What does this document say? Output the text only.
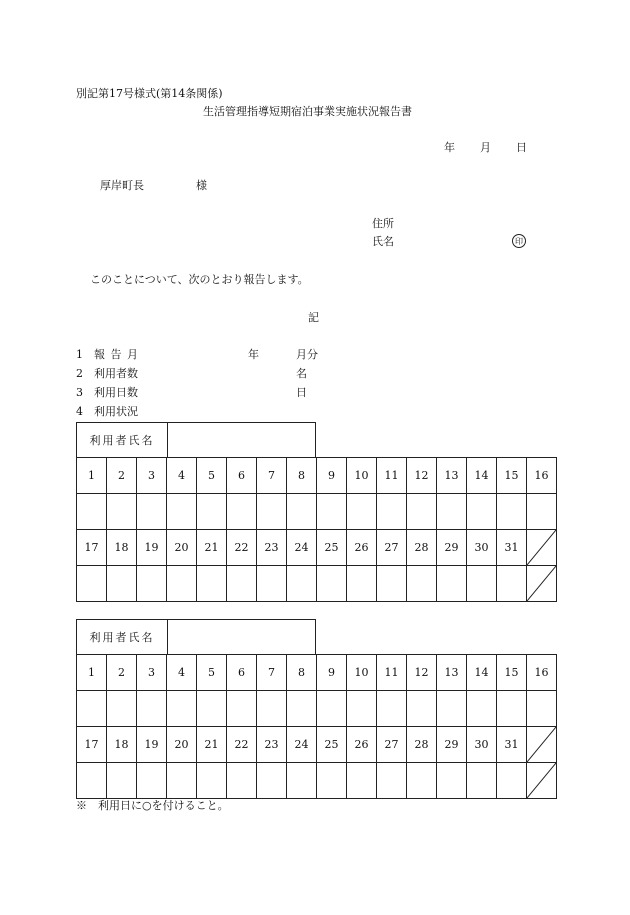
別記第17号様式(第14条関係)
生活管理指導短期宿泊事業実施状況報告書
年 月 日
厚岸町長	様
住所
氏名	印
このことについて、次のとおり報告します。
記
1 報 告 月	年	月分
2 利用者数	名
3 利用日数	日
4 利用状況
利用者氏名
1	2	3	4	5	6	7	8	9	10	11	12	13	14	15	16

17	18	19	20	21	22	23	24	25	26	27	28	29	30	31	

利用者氏名
1	2	3	4	5	6	7	8	9	10	11	12	13	14	15	16

17	18	19	20	21	22	23	24	25	26	27	28	29	30	31	

※　利用日に○を付けること。
